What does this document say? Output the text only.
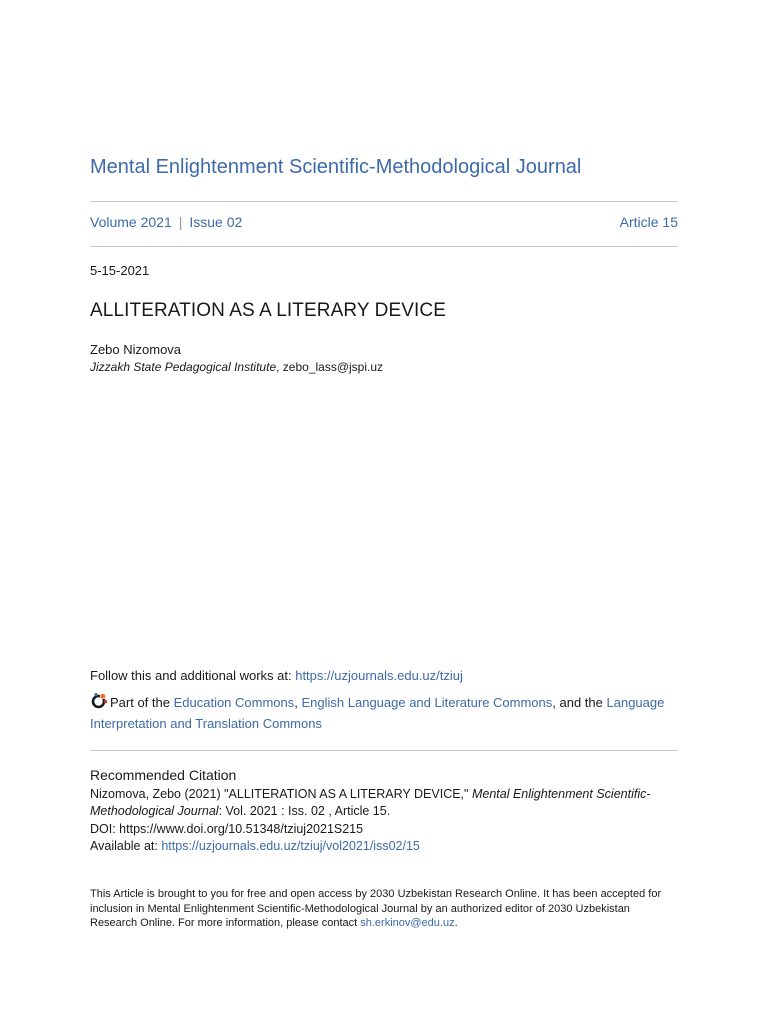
Mental Enlightenment Scientific-Methodological Journal
Volume 2021 | Issue 02	Article 15
5-15-2021
ALLITERATION AS A LITERARY DEVICE
Zebo Nizomova
Jizzakh State Pedagogical Institute, zebo_lass@jspi.uz
Follow this and additional works at: https://uzjournals.edu.uz/tziuj
Part of the Education Commons, English Language and Literature Commons, and the Language Interpretation and Translation Commons
Recommended Citation
Nizomova, Zebo (2021) "ALLITERATION AS A LITERARY DEVICE," Mental Enlightenment Scientific-Methodological Journal: Vol. 2021 : Iss. 02 , Article 15.
DOI: https://www.doi.org/10.51348/tziuj2021S215
Available at: https://uzjournals.edu.uz/tziuj/vol2021/iss02/15
This Article is brought to you for free and open access by 2030 Uzbekistan Research Online. It has been accepted for inclusion in Mental Enlightenment Scientific-Methodological Journal by an authorized editor of 2030 Uzbekistan Research Online. For more information, please contact sh.erkinov@edu.uz.
